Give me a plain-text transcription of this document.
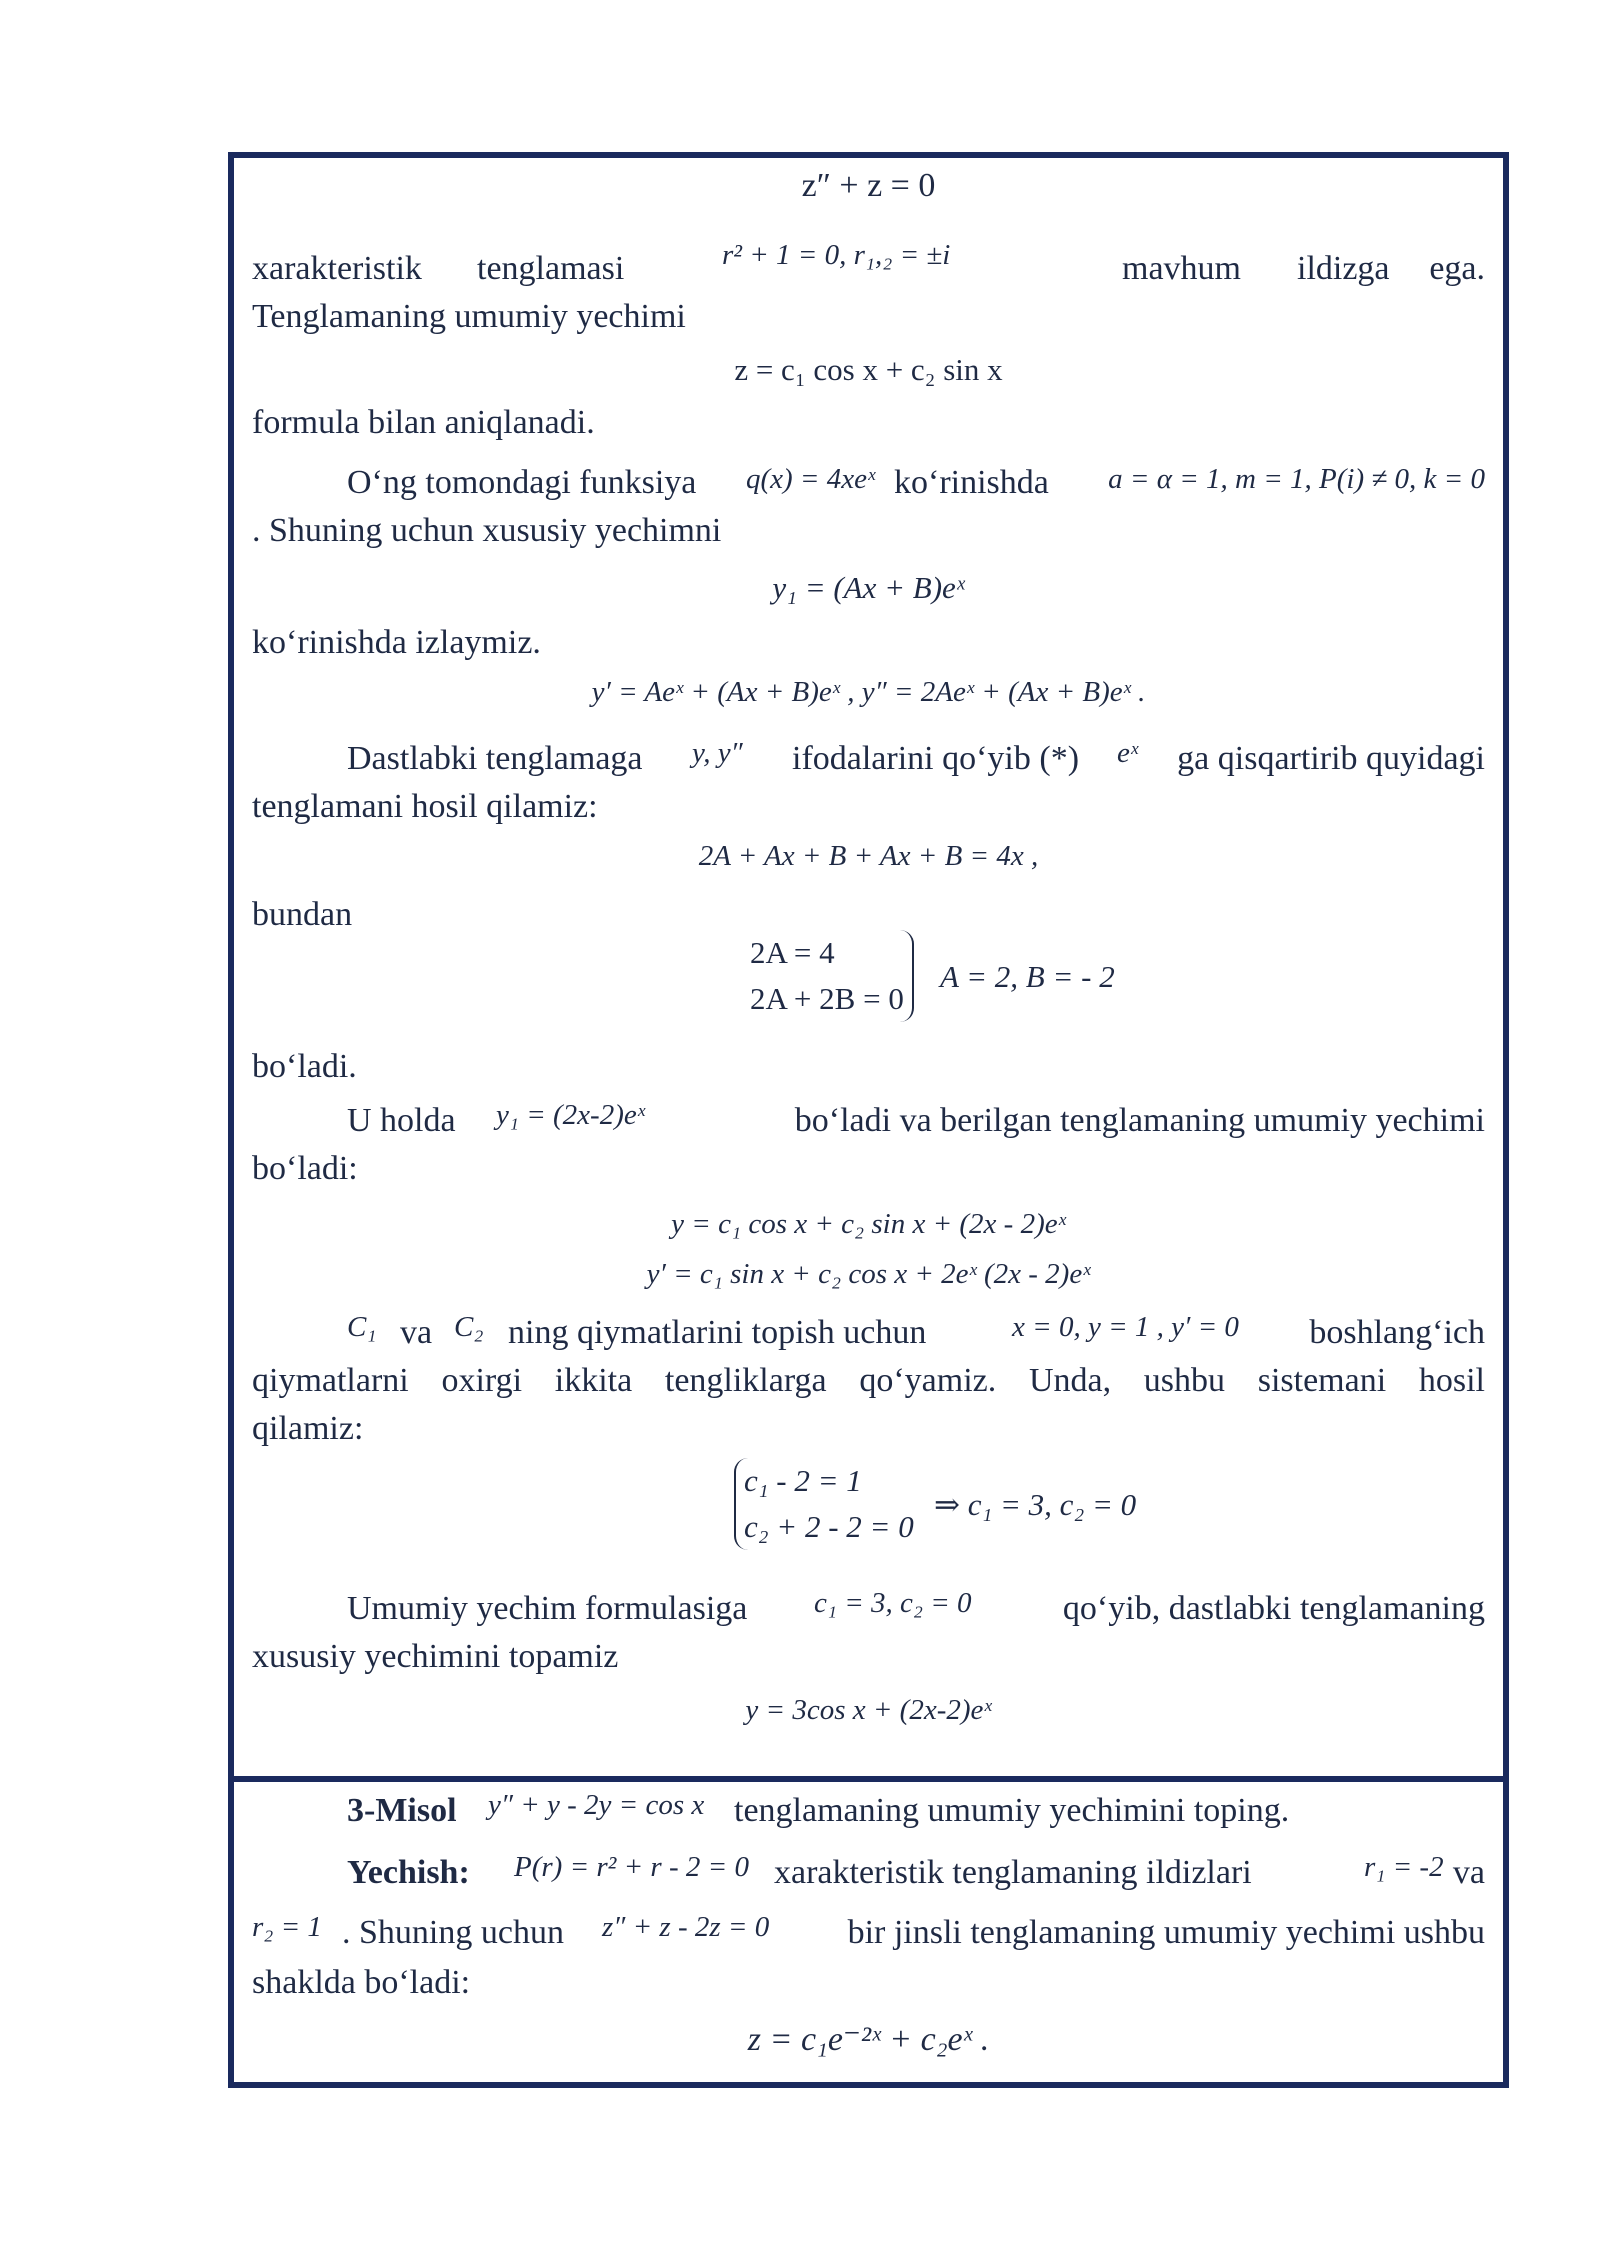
z″ + z = 0
xarakteristik tenglamasi	r² + 1 = 0, r₁,₂ = ±i	mavhum ildizga ega.
Tenglamaning umumiy yechimi
z = c₁ cos x + c₂ sin x
formula bilan aniqlanadi.
O‘ng tomondagi funksiya q(x) = 4xeˣ ko‘rinishda a = α = 1, m = 1, P(i) ≠ 0, k = 0
. Shuning uchun xususiy yechimni
y₁ = (Ax + B)eˣ
ko‘rinishda izlaymiz.
y′ = Aeˣ + (Ax + B)eˣ , y″ = 2Aeˣ + (Ax + B)eˣ .
Dastlabki tenglamaga y, y″ ifodalarini qo‘yib (*) eˣ ga qisqartirib quyidagi
tenglamani hosil qilamiz:
2A + Ax + B + Ax + B = 4x ,
bundan
2A = 4
2A + 2B = 0
A = 2, B = - 2
bo‘ladi.
U holda y₁ = (2x-2)eˣ	bo‘ladi va berilgan tenglamaning umumiy yechimi
bo‘ladi:
y = c₁ cos x + c₂ sin x + (2x - 2)eˣ
y′ = c₁ sin x + c₂ cos x + 2eˣ (2x - 2)eˣ
C₁ va C₂ ning qiymatlarini topish uchun	x = 0, y = 1 , y′ = 0 boshlang‘ich
qiymatlarni oxirgi ikkita tengliklarga qo‘yamiz. Unda, ushbu sistemani hosil
qilamiz:
c₁ - 2 = 1
c₂ + 2 - 2 = 0
⇒ c₁ = 3, c₂ = 0
Umumiy yechim formulasiga c₁ = 3, c₂ = 0	qo‘yib, dastlabki tenglamaning
xususiy yechimini topamiz
y = 3cos x + (2x-2)eˣ
3-Misol y″ + y - 2y = cos x tenglamaning umumiy yechimini toping.
Yechish: P(r) = r² + r - 2 = 0 xarakteristik tenglamaning ildizlari	r₁ = -2 va
r₂ = 1 . Shuning uchun z″ + z - 2z = 0 bir jinsli tenglamaning umumiy yechimi ushbu
shaklda bo‘ladi:
z = c₁e⁻²ˣ + c₂eˣ .
